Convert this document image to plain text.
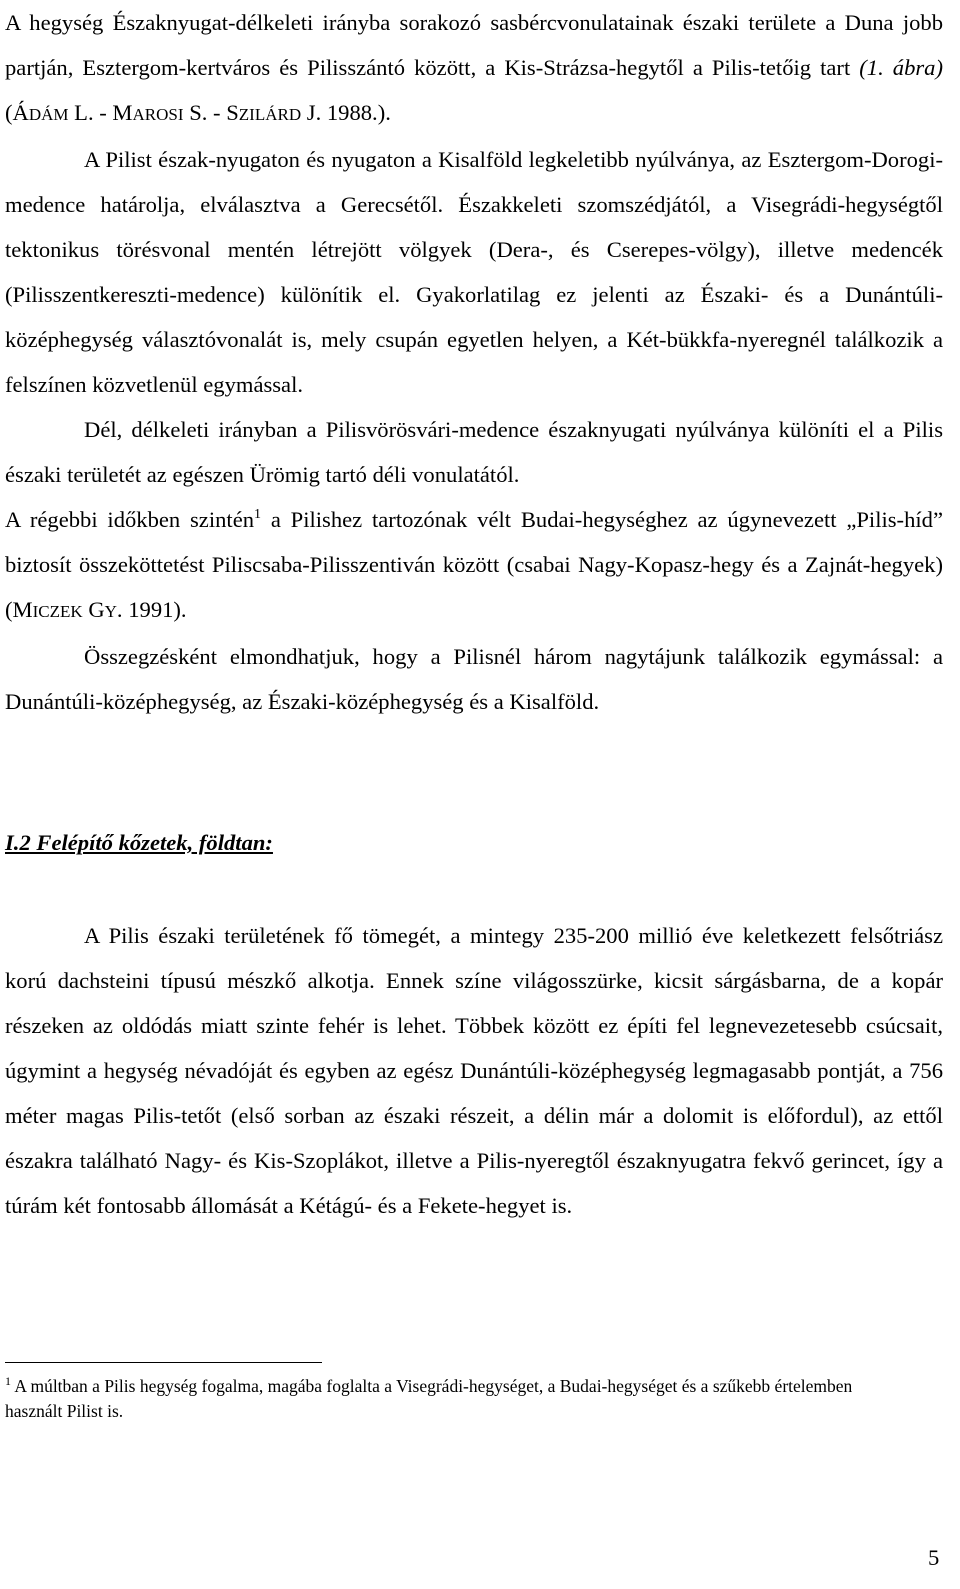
A hegység Északnyugat-délkeleti irányba sorakozó sasbércvonulatainak északi területe a Duna jobb partján, Esztergom-kertváros és Pilisszántó között, a Kis-Strázsa-hegytől a Pilis-tetőig tart (1. ábra) (ÁDÁM L. - MAROSI S. - SZILÁRD J. 1988.).

A Pilist észak-nyugaton és nyugaton a Kisalföld legkeletibb nyúlványa, az Esztergom-Dorogi-medence határolja, elválasztva a Gerecsétől. Északkeleti szomszédjától, a Visegrádi-hegységtől tektonikus törésvonal mentén létrejött völgyek (Dera-, és Cserepes-völgy), illetve medencék (Pilisszentkereszti-medence) különítik el. Gyakorlatilag ez jelenti az Északi- és a Dunántúli-középhegység választóvonalát is, mely csupán egyetlen helyen, a Két-bükkfa-nyeregnél találkozik a felszínen közvetlenül egymással.

Dél, délkeleti irányban a Pilisvörösvári-medence északnyugati nyúlványa különíti el a Pilis északi területét az egészen Ürömig tartó déli vonulatától.

A régebbi időkben szintén$^1$ a Pilishez tartozónak vélt Budai-hegységhez az úgynevezett „Pilis-híd” biztosít összeköttetést Piliscsaba-Pilisszentiván között (csabai Nagy-Kopasz-hegy és a Zajnát-hegyek) (MICZEK GY. 1991).

Összegzésként elmondhatjuk, hogy a Pilisnél három nagytájunk találkozik egymással: a Dunántúli-középhegység, az Északi-középhegység és a Kisalföld.

I.2 Felépítő kőzetek, földtan:

A Pilis északi területének fő tömegét, a mintegy 235-200 millió éve keletkezett felsőtriász korú dachsteini típusú mészkő alkotja. Ennek színe világosszürke, kicsit sárgásbarna, de a kopár részeken az oldódás miatt szinte fehér is lehet. Többek között ez építi fel legnevezetesebb csúcsait, úgymint a hegység névadóját és egyben az egész Dunántúli-középhegység legmagasabb pontját, a 756 méter magas Pilis-tetőt (első sorban az északi részeit, a délin már a dolomit is előfordul), az ettől északra található Nagy- és Kis-Szoplákot, illetve a Pilis-nyeregtől északnyugatra fekvő gerincet, így a túrám két fontosabb állomását a Kétágú- és a Fekete-hegyet is.

$^1$ A múltban a Pilis hegység fogalma, magába foglalta a Visegrádi-hegységet, a Budai-hegységet és a szűkebb értelemben használt Pilist is.

5
